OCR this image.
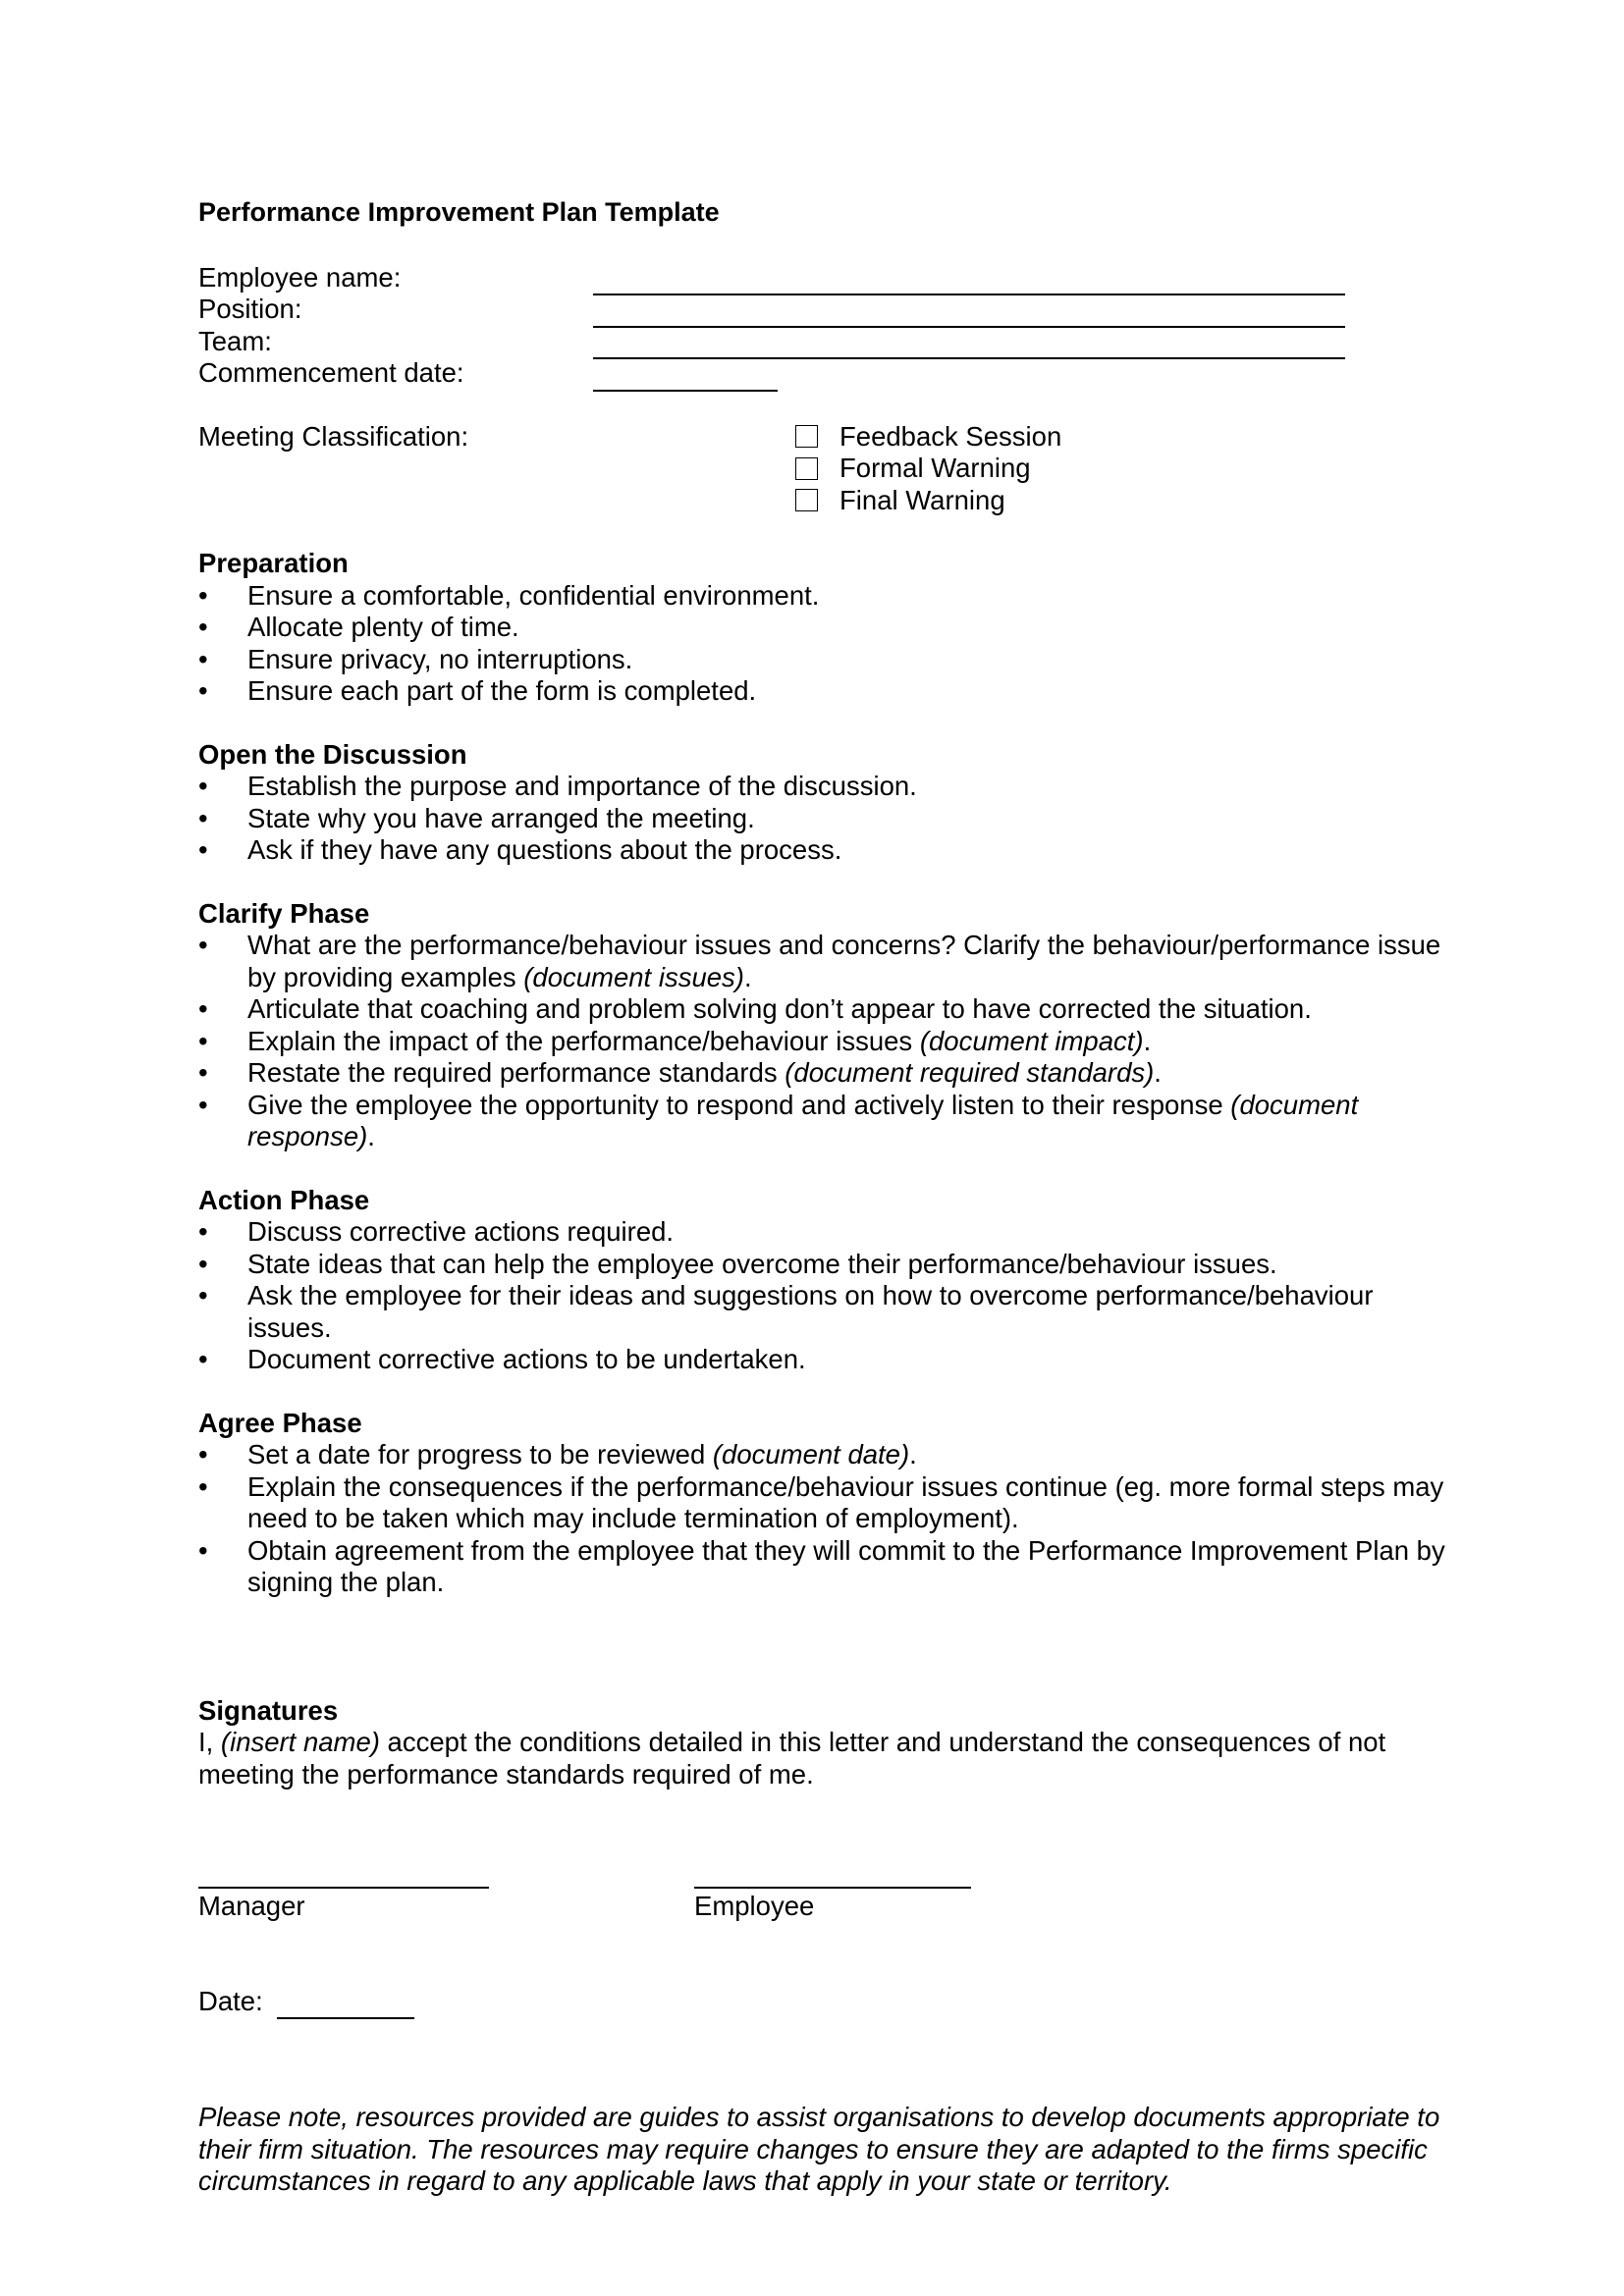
Performance Improvement Plan Template
Employee name:
Position:
Team:
Commencement date:
Meeting Classification:	Feedback Session
Formal Warning
Final Warning
Preparation
• Ensure a comfortable, confidential environment.
• Allocate plenty of time.
• Ensure privacy, no interruptions.
• Ensure each part of the form is completed.
Open the Discussion
• Establish the purpose and importance of the discussion.
• State why you have arranged the meeting.
• Ask if they have any questions about the process.
Clarify Phase
• What are the performance/behaviour issues and concerns? Clarify the behaviour/performance issue by providing examples (document issues).
• Articulate that coaching and problem solving don’t appear to have corrected the situation.
• Explain the impact of the performance/behaviour issues (document impact).
• Restate the required performance standards (document required standards).
• Give the employee the opportunity to respond and actively listen to their response (document response).
Action Phase
• Discuss corrective actions required.
• State ideas that can help the employee overcome their performance/behaviour issues.
• Ask the employee for their ideas and suggestions on how to overcome performance/behaviour issues.
• Document corrective actions to be undertaken.
Agree Phase
• Set a date for progress to be reviewed (document date).
• Explain the consequences if the performance/behaviour issues continue (eg. more formal steps may need to be taken which may include termination of employment).
• Obtain agreement from the employee that they will commit to the Performance Improvement Plan by signing the plan.
Signatures
I, (insert name) accept the conditions detailed in this letter and understand the consequences of not meeting the performance standards required of me.
Manager	Employee
Date:
Please note, resources provided are guides to assist organisations to develop documents appropriate to their firm situation. The resources may require changes to ensure they are adapted to the firms specific circumstances in regard to any applicable laws that apply in your state or territory.
